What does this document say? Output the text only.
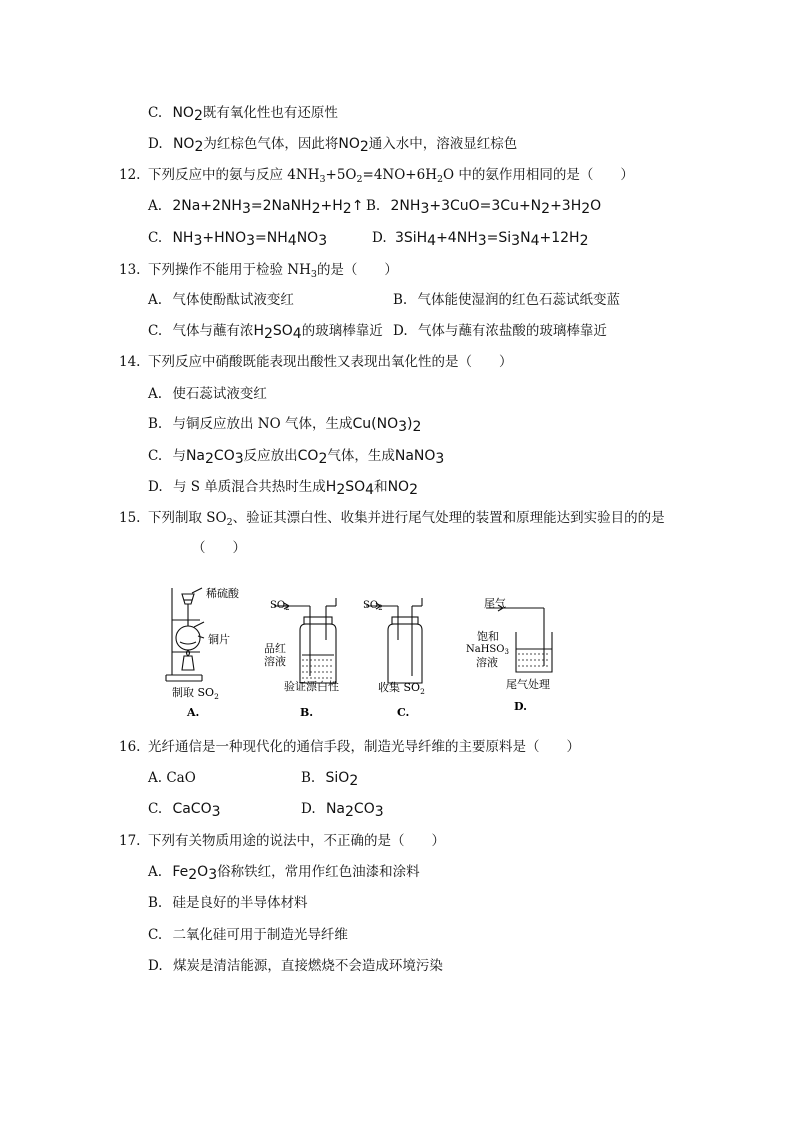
C. $NO_2$既有氧化性也有还原性
D. $NO_2$为红棕色气体，因此将$NO_2$通入水中，溶液显红棕色
12. 下列反应中的氨与反应 $4NH_3+5O_2=4NO+6H_2O$ 中的氨作用相同的是（　　）
A. $2Na+2NH_3=2NaNH_2+H_2↑$ B. $2NH_3+3CuO=3Cu+N_2+3H_2O$
C. $NH_3+HNO_3=NH_4NO_3$	D. $3SiH_4+4NH_3=Si_3N_4+12H_2$
13. 下列操作不能用于检验 $NH_3$的是（　　）
A. 气体使酚酞试液变红	B. 气体能使湿润的红色石蕊试纸变蓝
C. 气体与蘸有浓$H_2SO_4$的玻璃棒靠近 D. 气体与蘸有浓盐酸的玻璃棒靠近
14. 下列反应中硝酸既能表现出酸性又表现出氧化性的是（　　）
A. 使石蕊试液变红
B. 与铜反应放出 NO 气体，生成$Cu(NO_3)_2$
C. 与$Na_2CO_3$反应放出$CO_2$气体，生成NaNO$_3$
D. 与 S 单质混合共热时生成$H_2SO_4$和$NO_2$
15. 下列制取 $SO_2$、验证其漂白性、收集并进行尾气处理的装置和原理能达到实验目的的是
（　　）
稀硫酸
铜片
制取 $SO_2$
A.
$SO_2$
品红
溶液
验证漂白性
B.
$SO_2$
收集 $SO_2$
C.
尾气
饱和
NaHSO$_3$
溶液
尾气处理
D.
16. 光纤通信是一种现代化的通信手段，制造光导纤维的主要原料是（　　）
A. CaO	B. SiO$_2$
C. CaCO$_3$	D. $Na_2CO_3$
17. 下列有关物质用途的说法中，不正确的是（　　）
A. $Fe_2O_3$俗称铁红，常用作红色油漆和涂料
B. 硅是良好的半导体材料
C. 二氧化硅可用于制造光导纤维
D. 煤炭是清洁能源，直接燃烧不会造成环境污染
